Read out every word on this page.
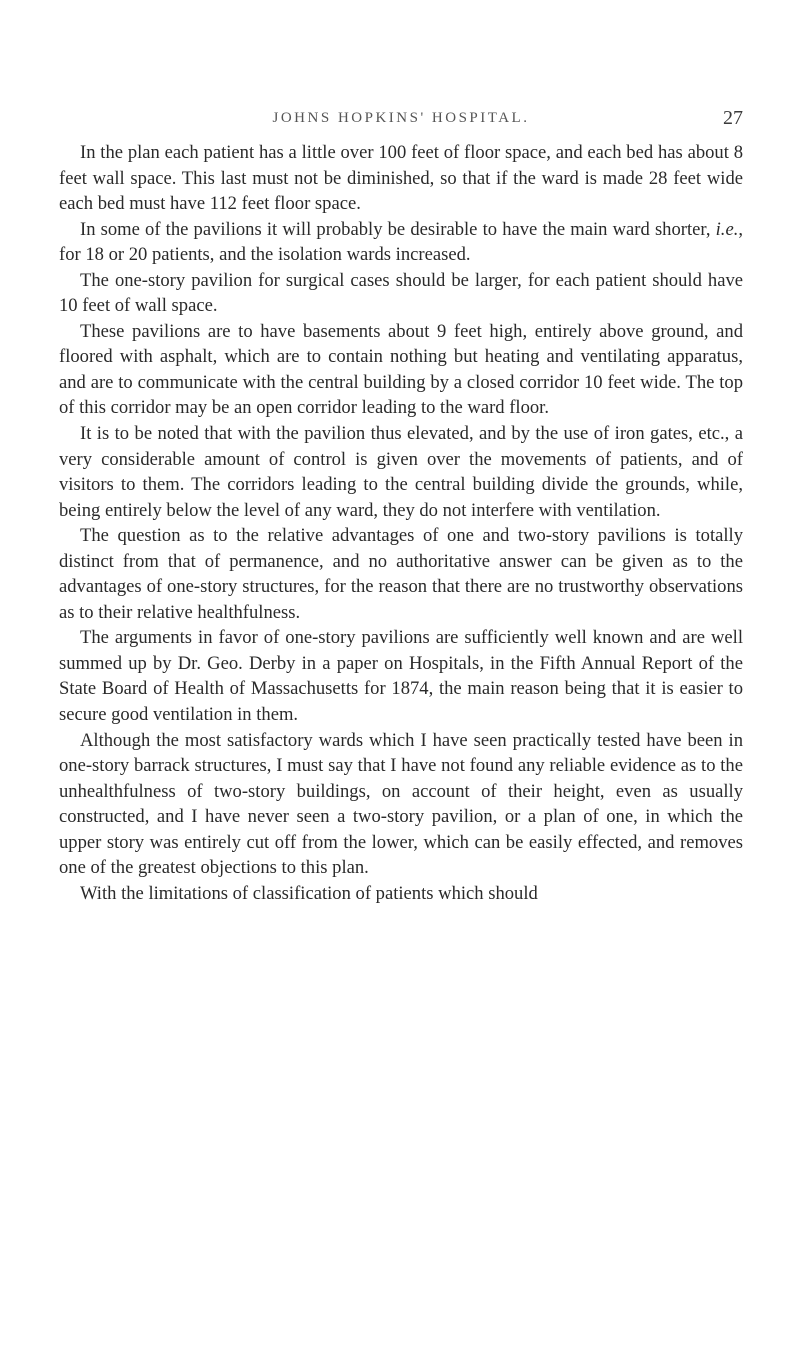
JOHNS HOPKINS' HOSPITAL.	27

In the plan each patient has a little over 100 feet of floor space, and each bed has about 8 feet wall space. This last must not be diminished, so that if the ward is made 28 feet wide each bed must have 112 feet floor space.

In some of the pavilions it will probably be desirable to have the main ward shorter, i.e., for 18 or 20 patients, and the isolation wards increased.

The one-story pavilion for surgical cases should be larger, for each patient should have 10 feet of wall space.

These pavilions are to have basements about 9 feet high, entirely above ground, and floored with asphalt, which are to contain nothing but heating and ventilating apparatus, and are to communicate with the central building by a closed corridor 10 feet wide. The top of this corridor may be an open corridor leading to the ward floor.

It is to be noted that with the pavilion thus elevated, and by the use of iron gates, etc., a very considerable amount of control is given over the movements of patients, and of visitors to them. The corridors leading to the central building divide the grounds, while, being entirely below the level of any ward, they do not interfere with ventilation.

The question as to the relative advantages of one and two-story pavilions is totally distinct from that of permanence, and no authoritative answer can be given as to the advantages of one-story structures, for the reason that there are no trustworthy observations as to their relative healthfulness.

The arguments in favor of one-story pavilions are sufficiently well known and are well summed up by Dr. Geo. Derby in a paper on Hospitals, in the Fifth Annual Report of the State Board of Health of Massachusetts for 1874, the main reason being that it is easier to secure good ventilation in them.

Although the most satisfactory wards which I have seen practically tested have been in one-story barrack structures, I must say that I have not found any reliable evidence as to the unhealthfulness of two-story buildings, on account of their height, even as usually constructed, and I have never seen a two-story pavilion, or a plan of one, in which the upper story was entirely cut off from the lower, which can be easily effected, and removes one of the greatest objections to this plan.

With the limitations of classification of patients which should
